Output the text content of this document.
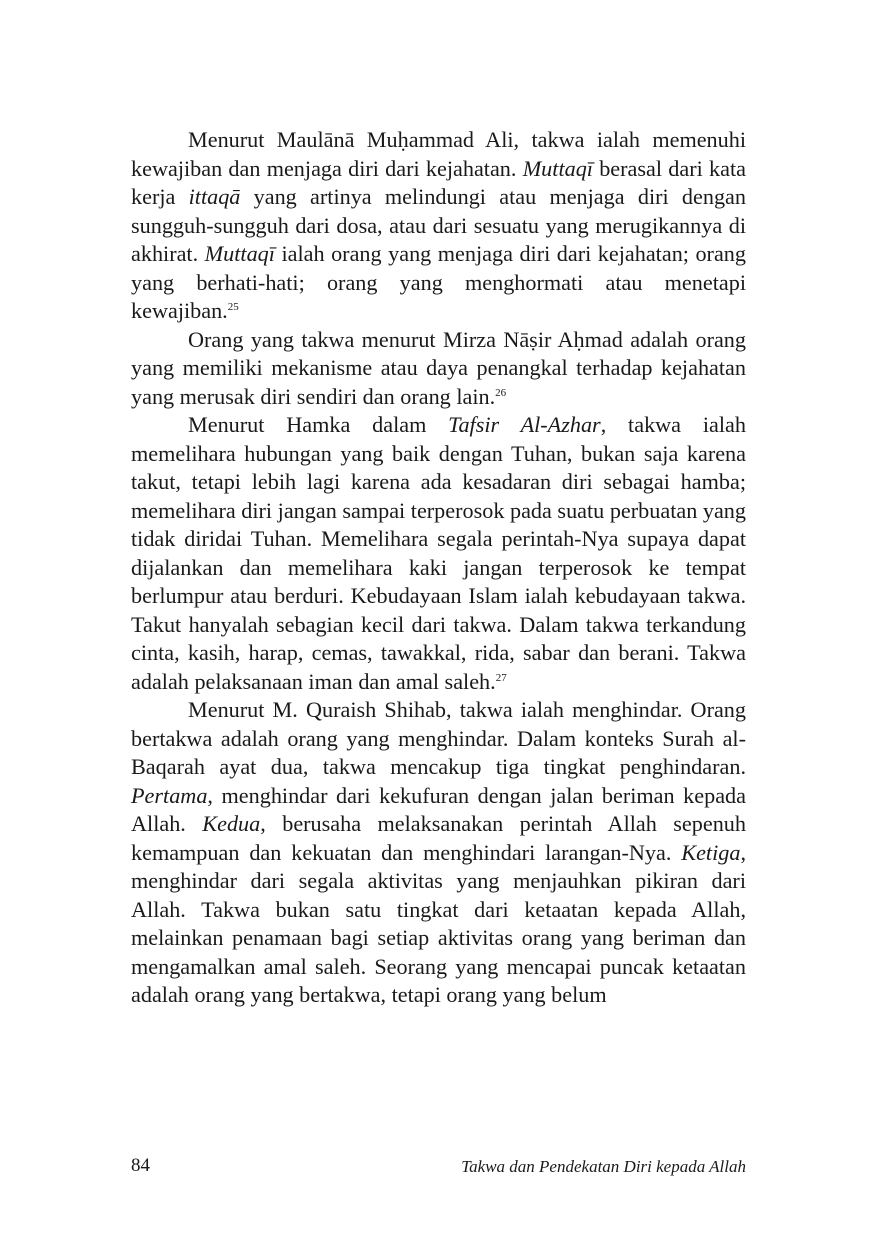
Menurut Maulānā Muḥammad Ali, takwa ialah memenuhi kewajiban dan menjaga diri dari kejahatan. Muttaqī berasal dari kata kerja ittaqā yang artinya melindungi atau menjaga diri dengan sungguh-sungguh dari dosa, atau dari sesuatu yang merugikannya di akhirat. Muttaqī ialah orang yang menjaga diri dari kejahatan; orang yang berhati-hati; orang yang menghormati atau menetapi kewajiban.$^{25}$

Orang yang takwa menurut Mirza Nāṣir Aḥmad adalah orang yang memiliki mekanisme atau daya penangkal terhadap kejahatan yang merusak diri sendiri dan orang lain.$^{26}$

Menurut Hamka dalam Tafsir Al-Azhar, takwa ialah memelihara hubungan yang baik dengan Tuhan, bukan saja karena takut, tetapi lebih lagi karena ada kesadaran diri sebagai hamba; memelihara diri jangan sampai terperosok pada suatu perbuatan yang tidak diridai Tuhan. Memelihara segala perintah-Nya supaya dapat dijalankan dan memelihara kaki jangan terperosok ke tempat berlumpur atau berduri. Kebudayaan Islam ialah kebudayaan takwa. Takut hanyalah sebagian kecil dari takwa. Dalam takwa terkandung cinta, kasih, harap, cemas, tawakkal, rida, sabar dan berani. Takwa adalah pelaksanaan iman dan amal saleh.$^{27}$

Menurut M. Quraish Shihab, takwa ialah menghindar. Orang bertakwa adalah orang yang menghindar. Dalam konteks Surah al-Baqarah ayat dua, takwa mencakup tiga tingkat penghindaran. Pertama, menghindar dari kekufuran dengan jalan beriman kepada Allah. Kedua, berusaha melaksanakan perintah Allah sepenuh kemampuan dan kekuatan dan menghindari larangan-Nya. Ketiga, menghindar dari segala aktivitas yang menjauhkan pikiran dari Allah. Takwa bukan satu tingkat dari ketaatan kepada Allah, melainkan penamaan bagi setiap aktivitas orang yang beriman dan mengamalkan amal saleh. Seorang yang mencapai puncak ketaatan adalah orang yang bertakwa, tetapi orang yang belum

84	Takwa dan Pendekatan Diri kepada Allah
